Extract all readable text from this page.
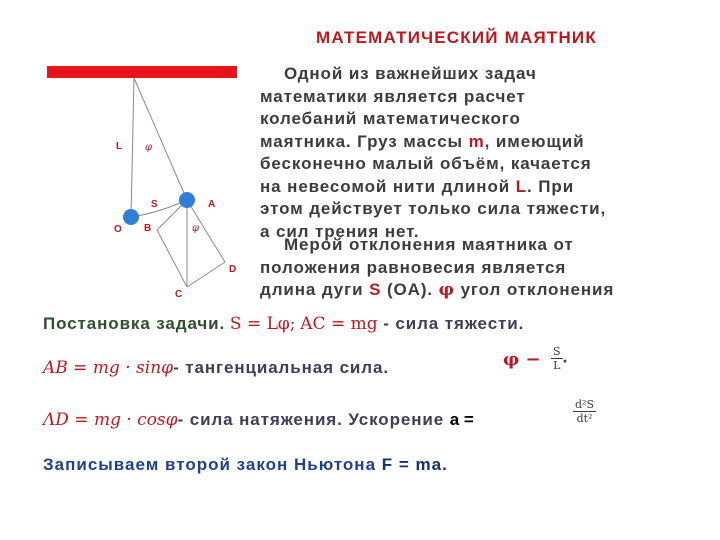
МАТЕМАТИЧЕСКИЙ МАЯТНИК
L φ
S	A
O B	φ
D
C
Одной из важнейших задач
математики является расчет
колебаний математического
маятника. Груз массы m, имеющий
бесконечно малый объём, качается
на невесомой нити длиной L. При
этом действует только сила тяжести,
а сил трения нет.
Мерой отклонения маятника от
положения равновесия является
длина дуги S (OA). φ угол отклонения
Постановка задачи. S = Lφ; AC = mg - сила тяжести.
AB = mg · sinφ- тангенциальная сила.	$\varphi - \frac{S}{L}$ .
ΛD = mg · cosφ- сила натяжения. Ускорение a =	$\frac{\text{d²S}}{\text{dt²}}$
Записываем второй закон Ньютона F = ma.
